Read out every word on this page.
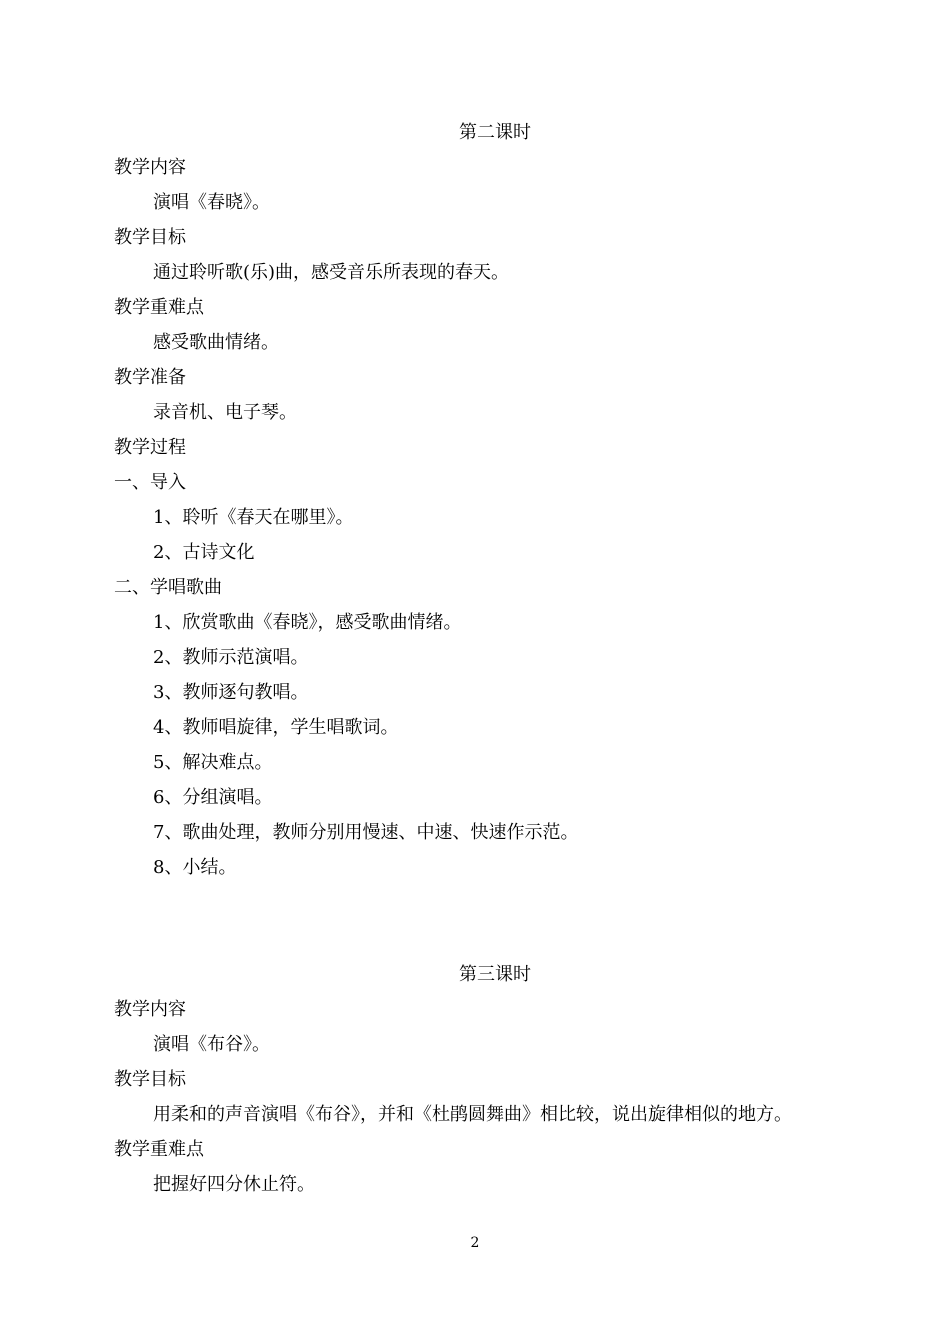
第二课时
教学内容
演唱《春晓》。
教学目标
通过聆听歌(乐)曲，感受音乐所表现的春天。
教学重难点
感受歌曲情绪。
教学准备
录音机、电子琴。
教学过程
一、导入
1、聆听《春天在哪里》。
2、古诗文化
二、学唱歌曲
1、欣赏歌曲《春晓》，感受歌曲情绪。
2、教师示范演唱。
3、教师逐句教唱。
4、教师唱旋律，学生唱歌词。
5、解决难点。
6、分组演唱。
7、歌曲处理，教师分别用慢速、中速、快速作示范。
8、小结。
第三课时
教学内容
演唱《布谷》。
教学目标
用柔和的声音演唱《布谷》，并和《杜鹃圆舞曲》相比较，说出旋律相似的地方。
教学重难点
把握好四分休止符。
2
